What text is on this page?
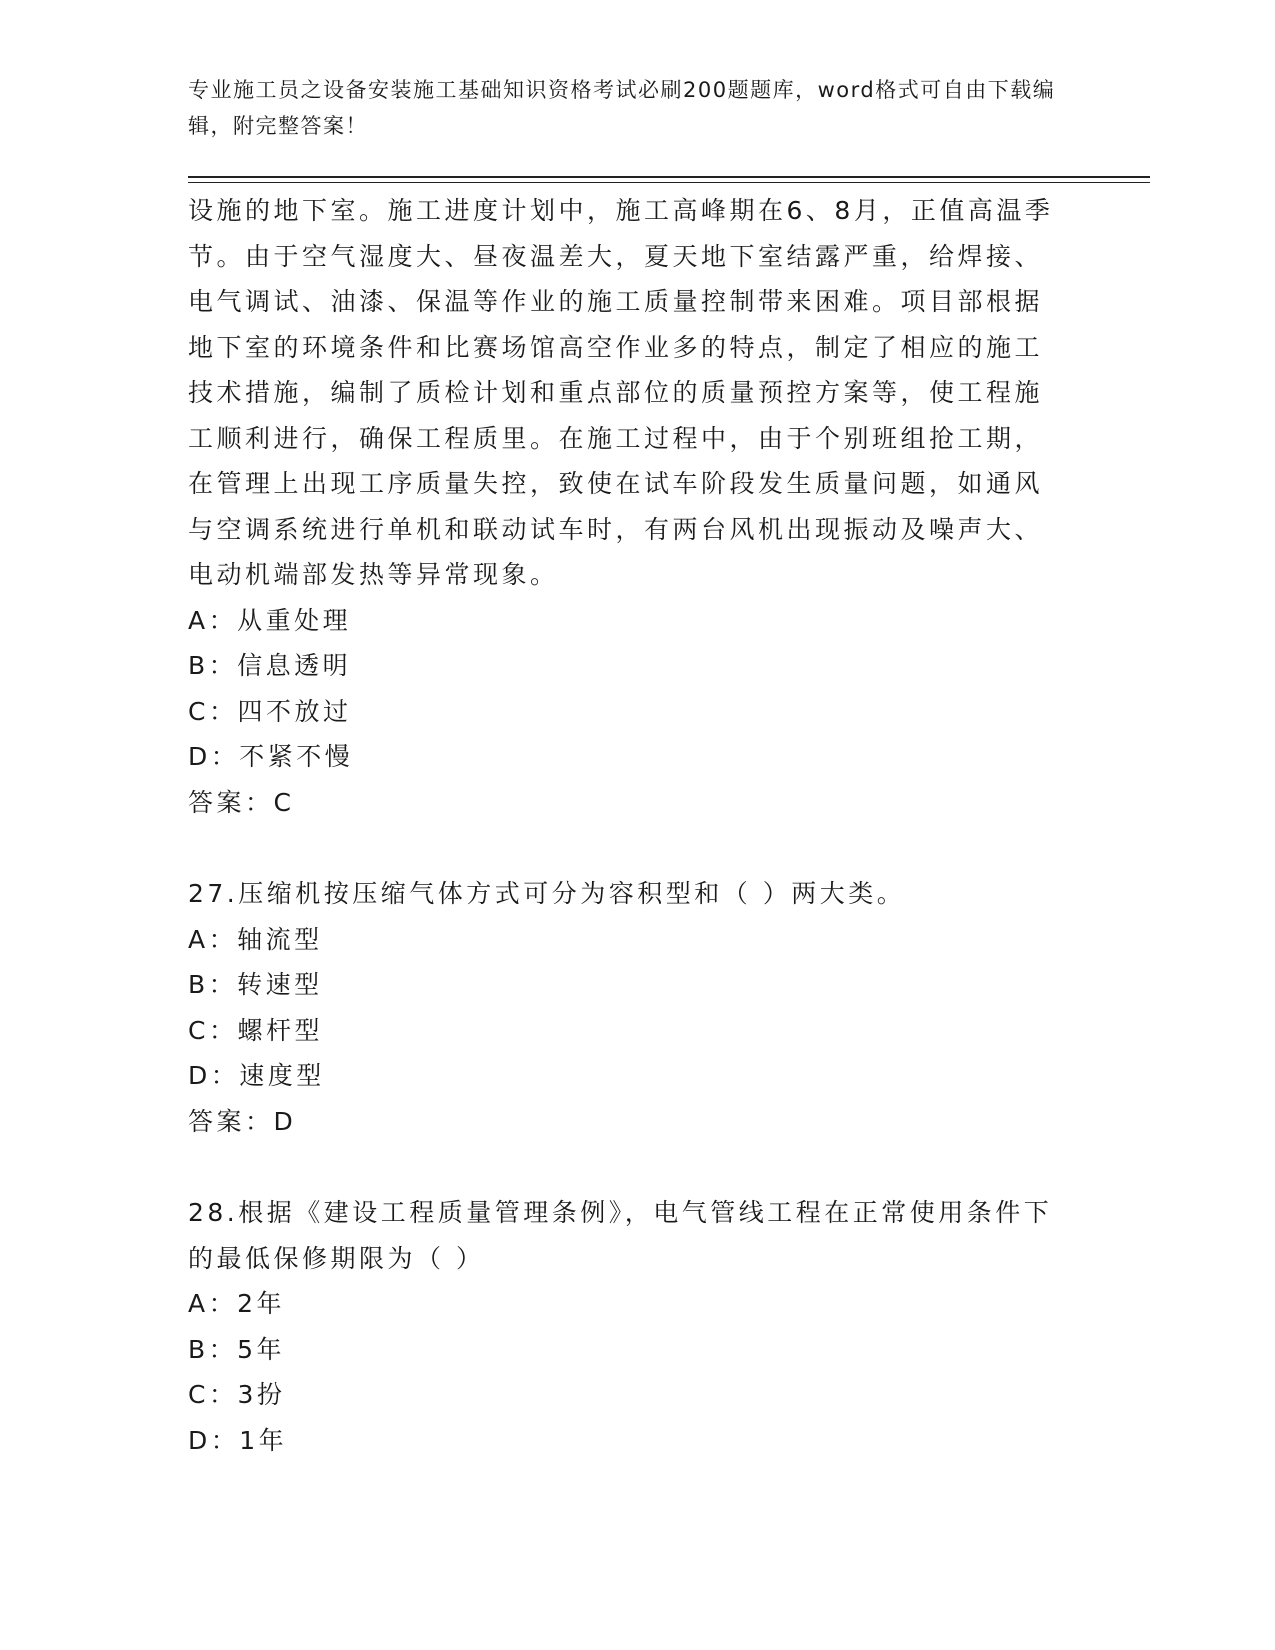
专业施工员之设备安装施工基础知识资格考试必刷200题题库，word格式可自由下载编辑，附完整答案！
设施的地下室。施工进度计划中，施工高峰期在6、8月，正值高温季
节。由于空气湿度大、昼夜温差大，夏天地下室结露严重，给焊接、
电气调试、油漆、保温等作业的施工质量控制带来困难。项目部根据
地下室的环境条件和比赛场馆高空作业多的特点，制定了相应的施工
技术措施，编制了质检计划和重点部位的质量预控方案等，使工程施
工顺利进行，确保工程质里。在施工过程中，由于个别班组抢工期，
在管理上出现工序质量失控，致使在试车阶段发生质量问题，如通风
与空调系统进行单机和联动试车时，有两台风机出现振动及噪声大、
电动机端部发热等异常现象。
A：从重处理
B：信息透明
C：四不放过
D：不紧不慢
答案：C
27.压缩机按压缩气体方式可分为容积型和（ ）两大类。
A：轴流型
B：转速型
C：螺杆型
D：速度型
答案：D
28.根据《建设工程质量管理条例》，电气管线工程在正常使用条件下
的最低保修期限为（ ）
A：2年
B：5年
C：3扮
D：1年
